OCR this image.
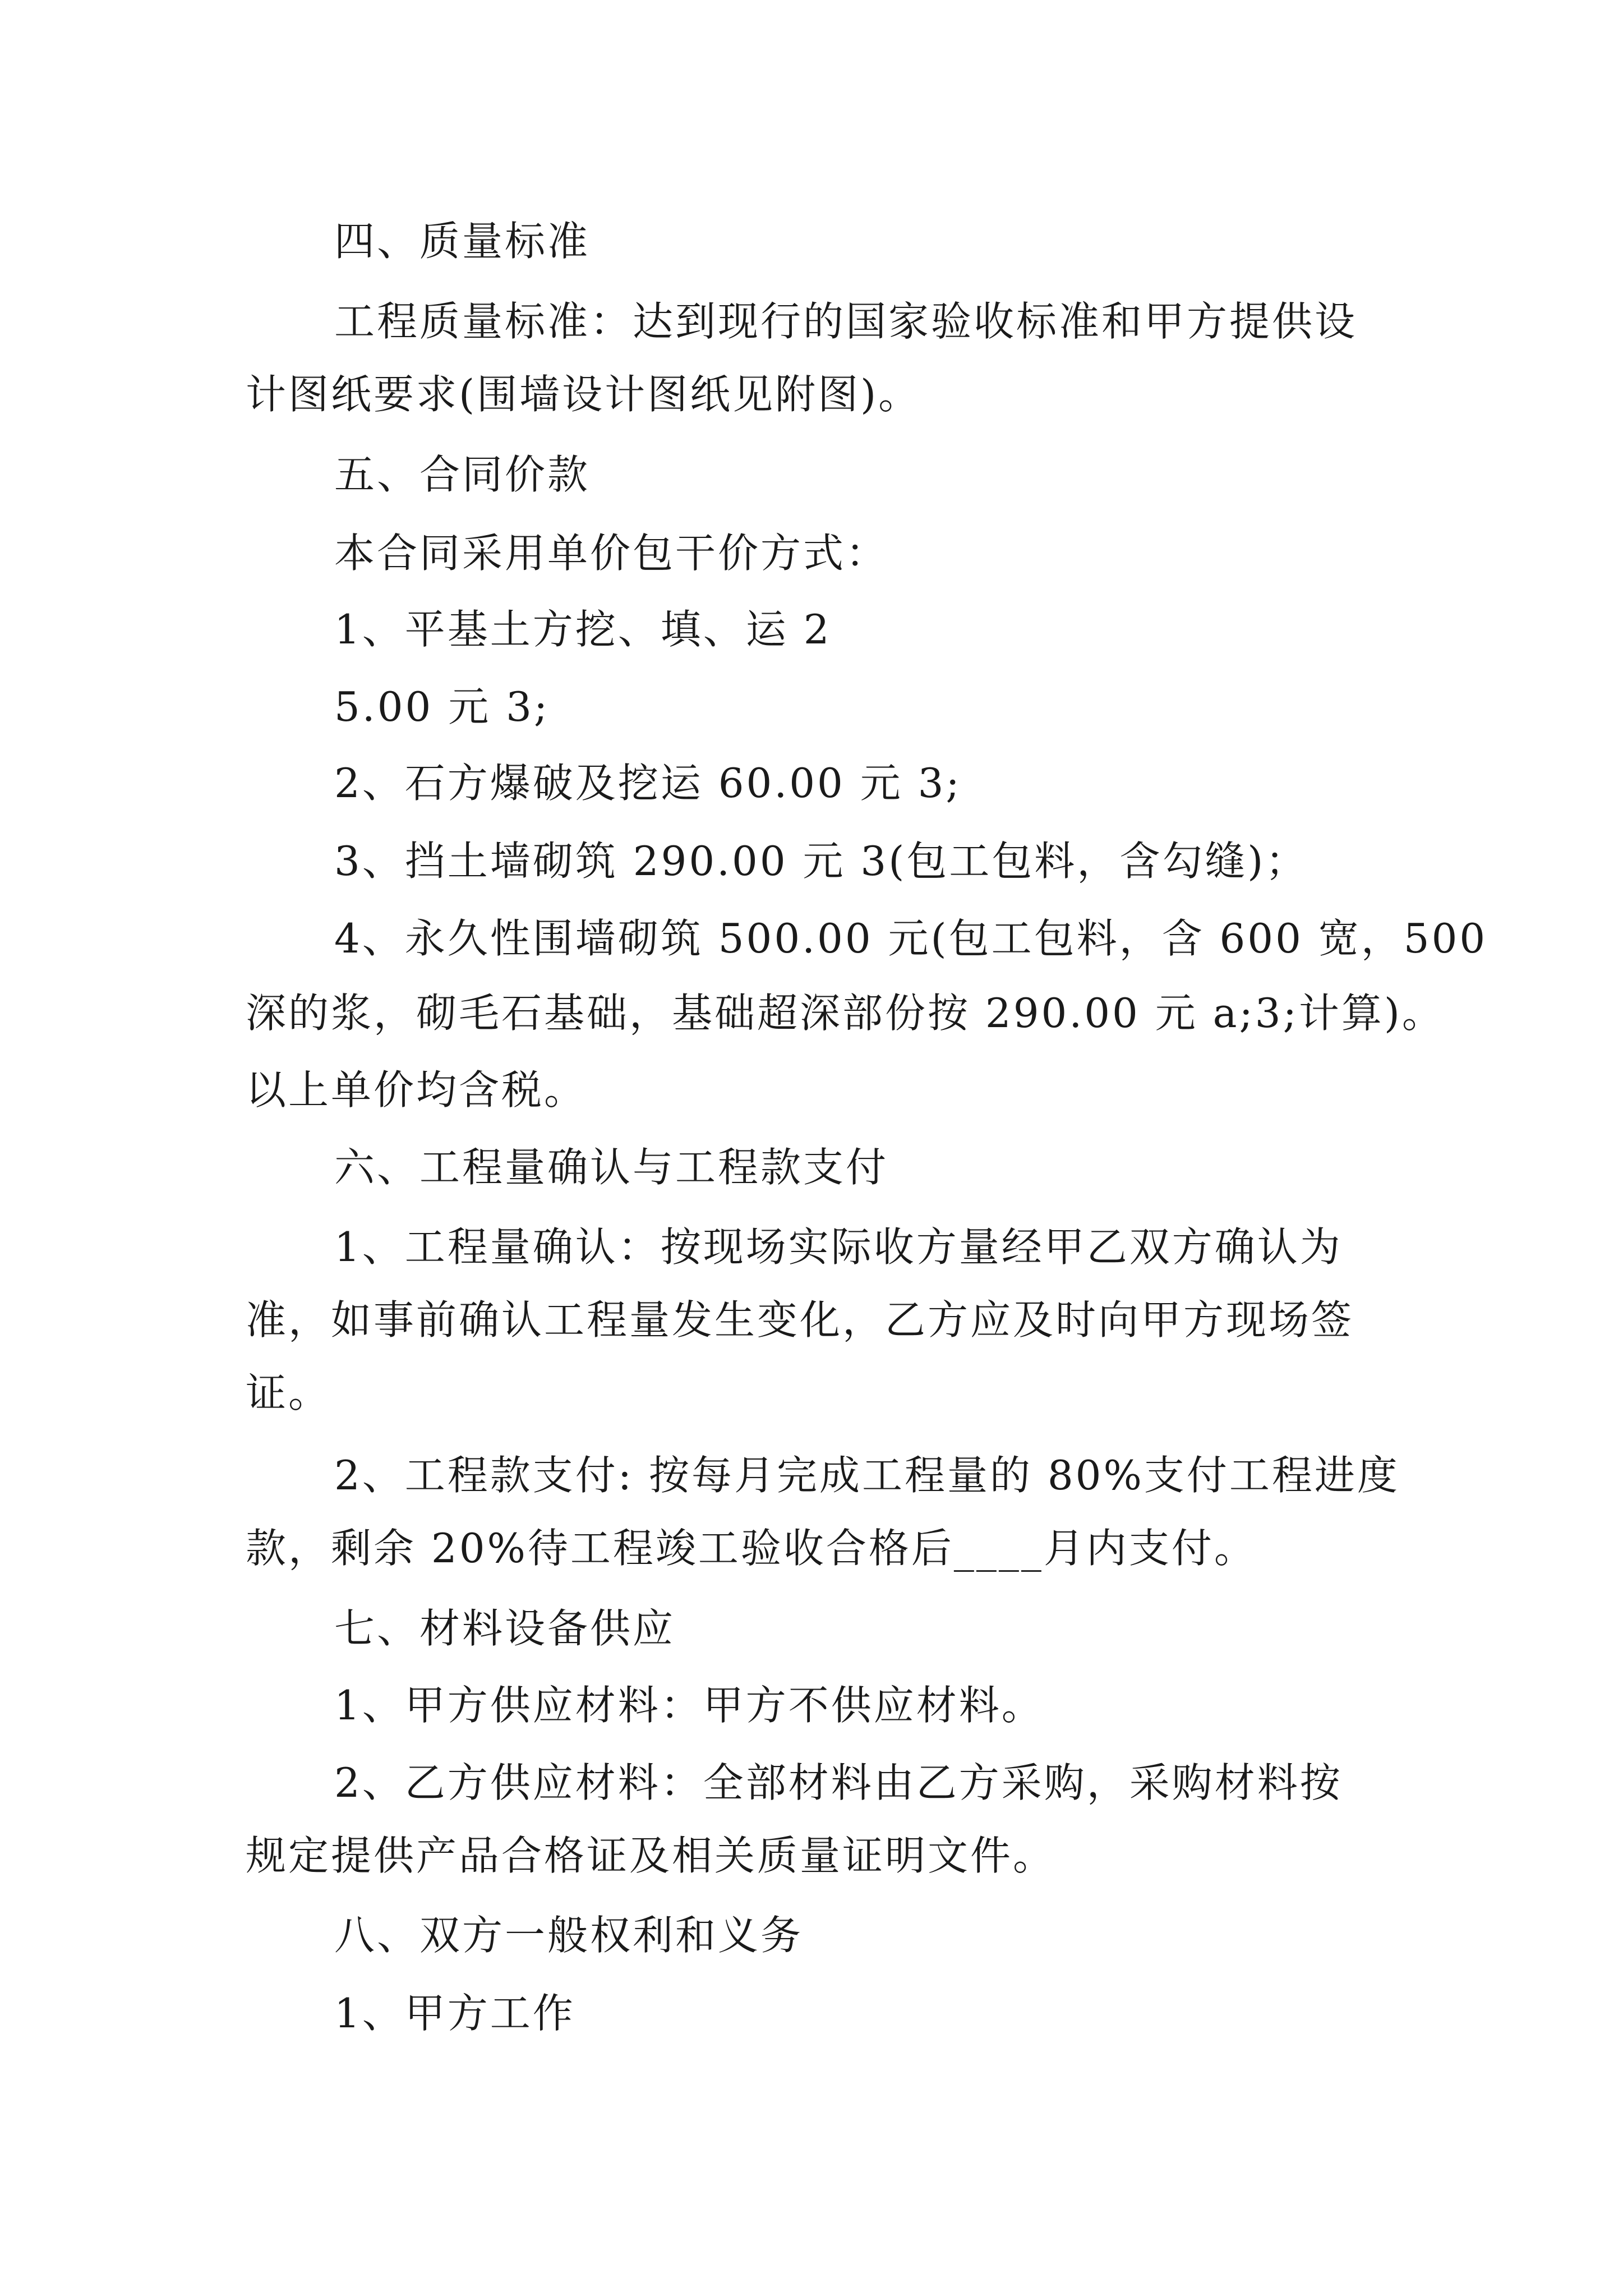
四、质量标准
工程质量标准：达到现行的国家验收标准和甲方提供设
计图纸要求(围墙设计图纸见附图)。
五、合同价款
本合同采用单价包干价方式：
1、平基土方挖、填、运 2
5.00 元 3;
2、石方爆破及挖运 60.00 元 3;
3、挡土墙砌筑 290.00 元 3(包工包料，含勾缝)；
4、永久性围墙砌筑 500.00 元(包工包料，含 600 宽，500
深的浆，砌毛石基础，基础超深部份按 290.00 元 a;3;计算)。
以上单价均含税。
六、工程量确认与工程款支付
1、工程量确认：按现场实际收方量经甲乙双方确认为
准，如事前确认工程量发生变化，乙方应及时向甲方现场签
证。
2、工程款支付: 按每月完成工程量的 80%支付工程进度
款，剩余 20%待工程竣工验收合格后____月内支付。
七、材料设备供应
1、甲方供应材料：甲方不供应材料。
2、乙方供应材料：全部材料由乙方采购，采购材料按
规定提供产品合格证及相关质量证明文件。
八、双方一般权利和义务
1、甲方工作
